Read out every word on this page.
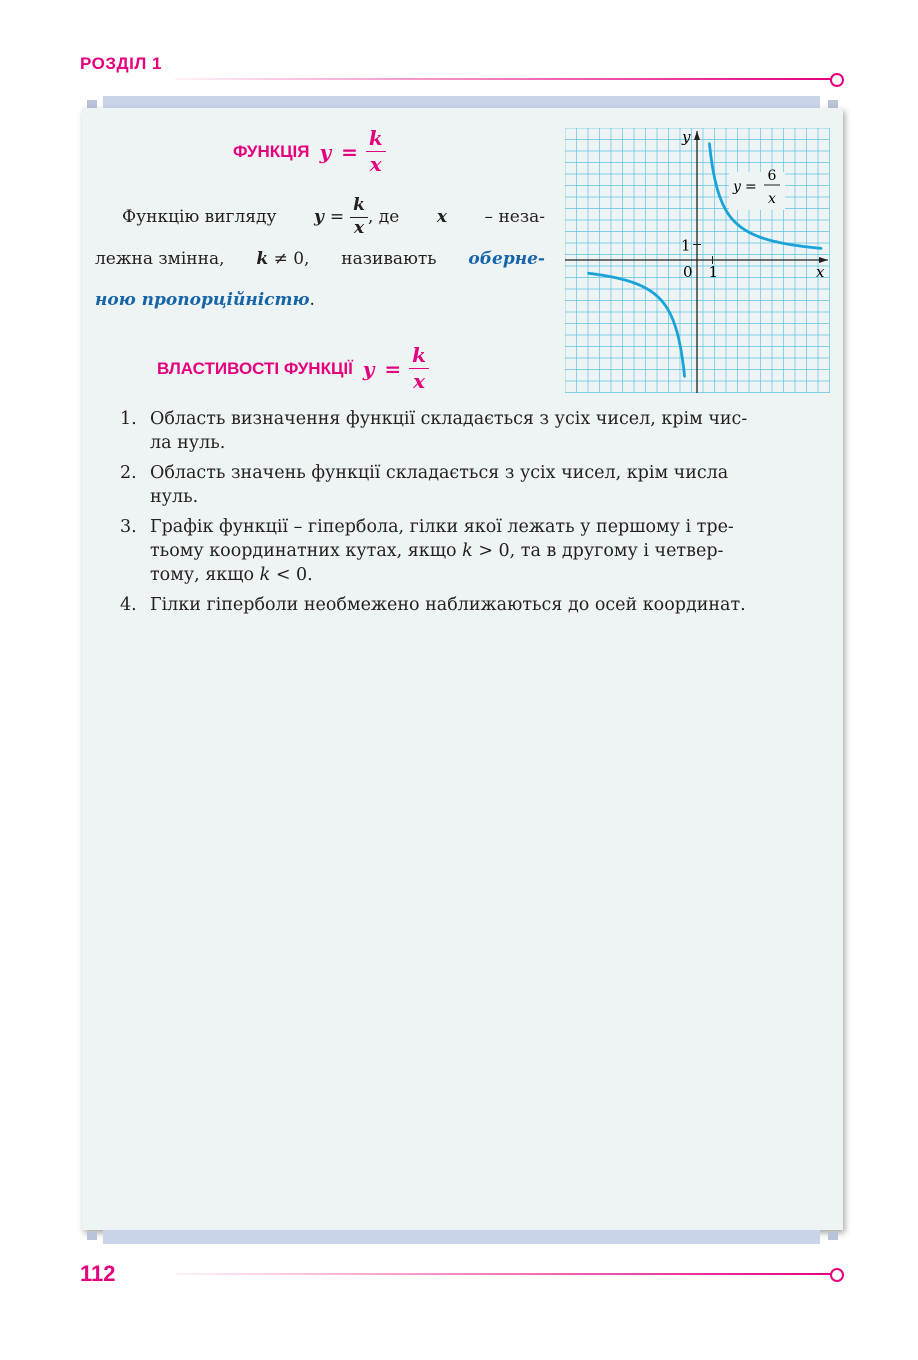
РОЗДІЛ 1
ФУНКЦІЯ $y = \frac{k}{x}$
Функцію вигляду $y = \frac{k}{x}$ , де x – неза-
лежна змінна, k ≠ 0, називають оберне-
ною пропорційністю .
ВЛАСТИВОСТІ ФУНКЦІЇ $y = \frac{k}{x}$
y
x
0 1
1
y =
6
x
1. Область визначення функції складається з усіх чисел, крім чис-
ла нуль.
2. Область значень функції складається з усіх чисел, крім числа
нуль.
3. Графік функції – гіпербола, гілки якої лежать у першому і тре-
тьому координатних кутах, якщо k > 0, та в другому і четвер-
тому, якщо k < 0.
4. Гілки гіперболи необмежено наближаються до осей координат.
112
